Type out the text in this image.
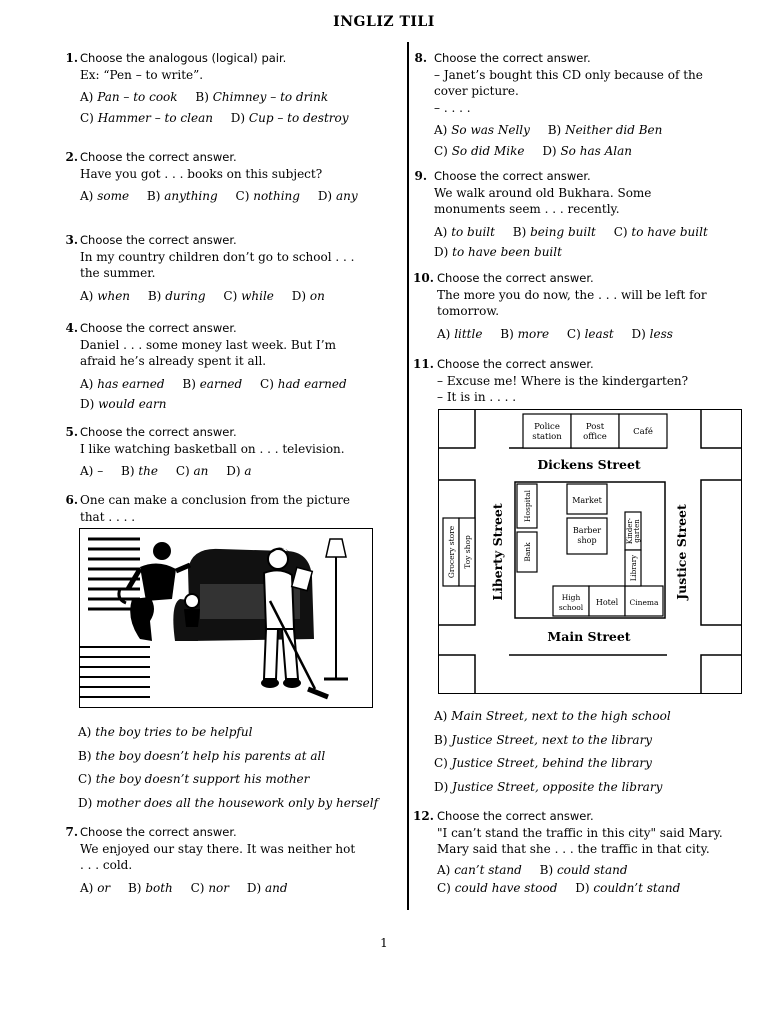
INGLIZ TILI
1. Choose the analogous (logical) pair.
Ex: “Pen – to write”.
A) Pan – to cook B) Chimney – to drink
C) Hammer – to clean D) Cup – to destroy
2. Choose the correct answer.
Have you got . . . books on this subject?
A) some B) anything C) nothing D) any
3. Choose the correct answer.
In my country children don’t go to school . . .
the summer.
A) when B) during C) while D) on
4. Choose the correct answer.
Daniel . . . some money last week. But I’m
afraid he’s already spent it all.
A) has earned B) earned C) had earned
D) would earn
5. Choose the correct answer.
I like watching basketball on . . . television.
A) – B) the C) an D) a
6. One can make a conclusion from the picture
that . . . .
A) the boy tries to be helpful
B) the boy doesn’t help his parents at all
C) the boy doesn’t support his mother
D) mother does all the housework only by herself
7. Choose the correct answer.
We enjoyed our stay there. It was neither hot
. . . cold.
A) or B) both C) nor D) and
8. Choose the correct answer.
– Janet’s bought this CD only because of the
cover picture.
– . . . .
A) So was Nelly B) Neither did Ben
C) So did Mike D) So has Alan
9. Choose the correct answer.
We walk around old Bukhara. Some
monuments seem . . . recently.
A) to built B) being built C) to have built
D) to have been built
10. Choose the correct answer.
The more you do now, the . . . will be left for
tomorrow.
A) little B) more C) least D) less
11. Choose the correct answer.
– Excuse me! Where is the kindergarten?
– It is in . . . .
Police
station
Post
office	Café
Dickens Street
Main Street
Liberty Street	Justice Street
Grocery store Toy shop
Hospital	Market
Barber
shop
Bank
High
school
Hotel Cinema
Kinder- garten
Library
A) Main Street, next to the high school
B) Justice Street, next to the library
C) Justice Street, behind the library
D) Justice Street, opposite the library
12. Choose the correct answer.
"I can’t stand the traffic in this city" said Mary.
Mary said that she . . . the traffic in that city.
A) can’t stand B) could stand
C) could have stood D) couldn’t stand
1
